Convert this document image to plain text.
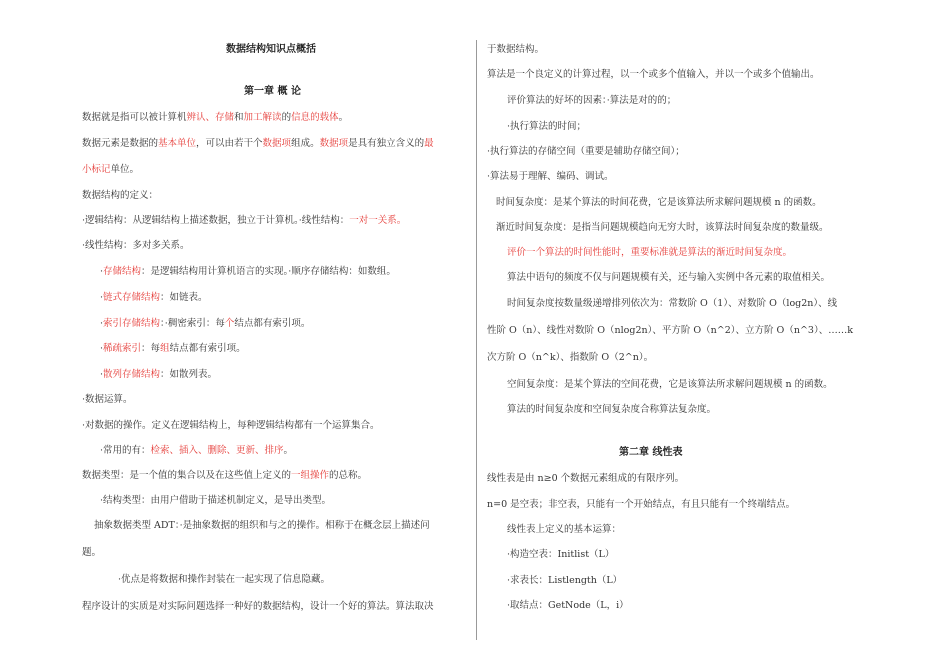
数据结构知识点概括
第一章 概 论
数据就是指可以被计算机辨认、存储和加工解读的信息的载体。
数据元素是数据的基本单位，可以由若干个数据项组成。数据项是具有独立含义的最
小标记单位。
数据结构的定义：
·逻辑结构：从逻辑结构上描述数据，独立于计算机。·线性结构：一对一关系。
·线性结构：多对多关系。
·存储结构：是逻辑结构用计算机语言的实现。·顺序存储结构：如数组。
·链式存储结构：如链表。
·索引存储结构：·稠密索引：每个结点都有索引项。
·稀疏索引：每组结点都有索引项。
·散列存储结构：如散列表。
·数据运算。
·对数据的操作。定义在逻辑结构上，每种逻辑结构都有一个运算集合。
·常用的有：检索、插入、删除、更新、排序。
数据类型：是一个值的集合以及在这些值上定义的一组操作的总称。
·结构类型：由用户借助于描述机制定义，是导出类型。
抽象数据类型 ADT：·是抽象数据的组织和与之的操作。相称于在概念层上描述问
题。
·优点是将数据和操作封装在一起实现了信息隐藏。
程序设计的实质是对实际问题选择一种好的数据结构，设计一个好的算法。算法取决
于数据结构。
算法是一个良定义的计算过程，以一个或多个值输入，并以一个或多个值输出。
评价算法的好坏的因素：·算法是对的的；
·执行算法的时间；
·执行算法的存储空间（重要是辅助存储空间）；
·算法易于理解、编码、调试。
时间复杂度：是某个算法的时间花费，它是该算法所求解问题规模 n 的函数。
渐近时间复杂度：是指当问题规模趋向无穷大时，该算法时间复杂度的数量级。
评价一个算法的时间性能时，重要标准就是算法的渐近时间复杂度。
算法中语句的频度不仅与问题规模有关，还与输入实例中各元素的取值相关。
时间复杂度按数量级递增排列依次为：常数阶 O（1）、对数阶 O（log2n）、线
性阶 O（n）、线性对数阶 O（nlog2n）、平方阶 O（n^2）、立方阶 O（n^3）、……k
次方阶 O（n^k）、指数阶 O（2^n）。
空间复杂度：是某个算法的空间花费，它是该算法所求解问题规模 n 的函数。
算法的时间复杂度和空间复杂度合称算法复杂度。
第二章 线性表
线性表是由 n≥0 个数据元素组成的有限序列。
n=0 是空表；非空表，只能有一个开始结点，有且只能有一个终端结点。
线性表上定义的基本运算：
·构造空表：Initlist（L）
·求表长：Listlength（L）
·取结点：GetNode（L，i）
